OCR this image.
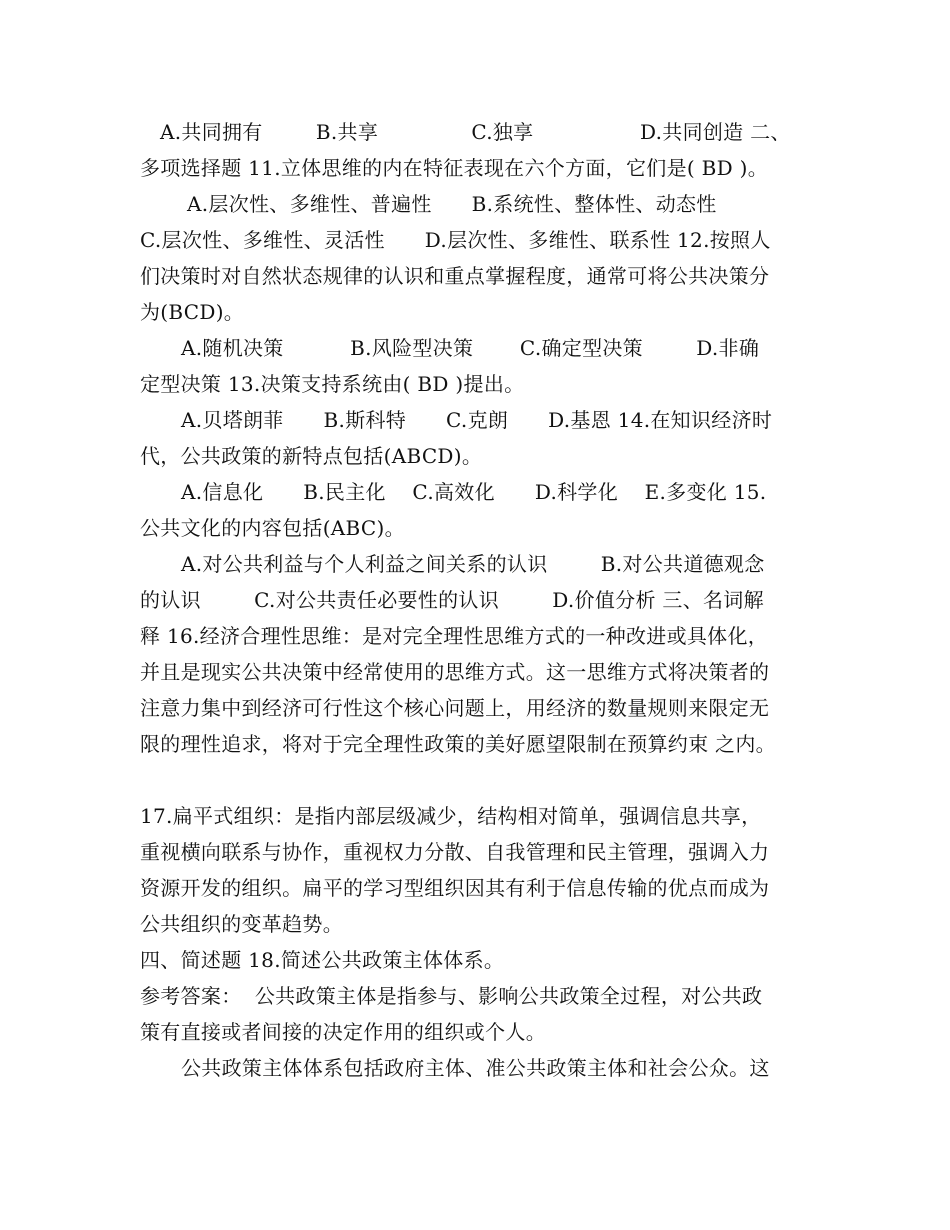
A.共同拥有        B.共享              C.独享                D.共同创造 二、
多项选择题 11.立体思维的内在特征表现在六个方面，它们是( BD )。
A.层次性、多维性、普遍性      B.系统性、整体性、动态性
C.层次性、多维性、灵活性      D.层次性、多维性、联系性 12.按照人
们决策时对自然状态规律的认识和重点掌握程度，通常可将公共决策分
为(BCD)。
A.随机决策          B.风险型决策       C.确定型决策        D.非确
定型决策 13.决策支持系统由( BD )提出。
A.贝塔朗菲      B.斯科特      C.克朗      D.基恩 14.在知识经济时
代，公共政策的新特点包括(ABCD)。
A.信息化      B.民主化    C.高效化      D.科学化    E.多变化 15.
公共文化的内容包括(ABC)。
A.对公共利益与个人利益之间关系的认识        B.对公共道德观念
的认识        C.对公共责任必要性的认识        D.价值分析 三、名词解
释 16.经济合理性思维：是对完全理性思维方式的一种改进或具体化，
并且是现实公共决策中经常使用的思维方式。这一思维方式将决策者的
注意力集中到经济可行性这个核心问题上，用经济的数量规则来限定无
限的理性追求，将对于完全理性政策的美好愿望限制在预算约束 之内。
17.扁平式组织：是指内部层级减少，结构相对简单，强调信息共享，
重视横向联系与协作，重视权力分散、自我管理和民主管理，强调入力
资源开发的组织。扁平的学习型组织因其有利于信息传输的优点而成为
公共组织的变革趋势。
四、简述题 18.简述公共政策主体体系。
参考答案：  公共政策主体是指参与、影响公共政策全过程，对公共政
策有直接或者间接的决定作用的组织或个人。
公共政策主体体系包括政府主体、准公共政策主体和社会公众。这
